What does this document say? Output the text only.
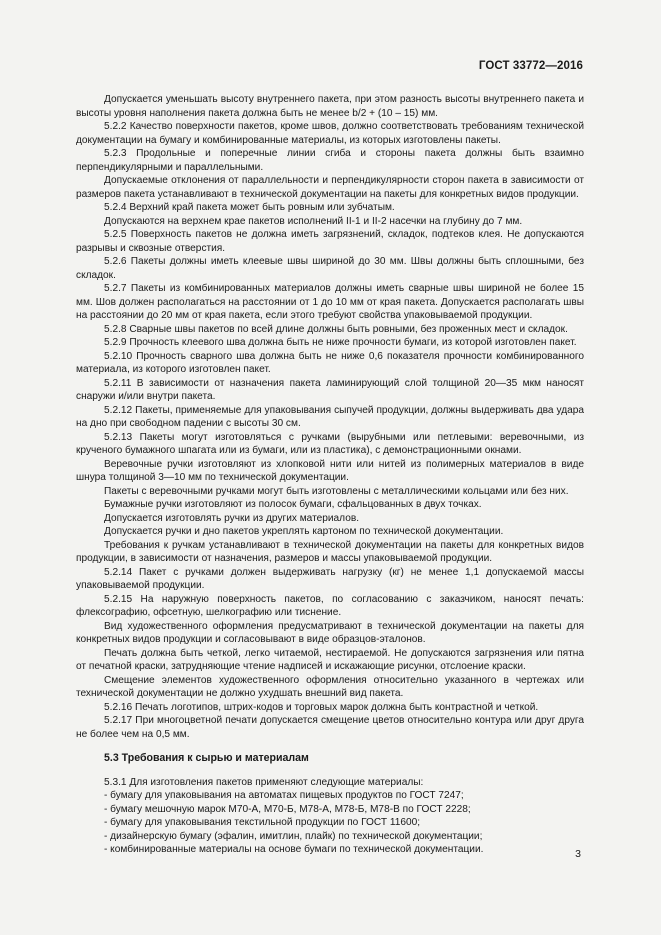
ГОСТ 33772—2016

Допускается уменьшать высоту внутреннего пакета, при этом разность высоты внутреннего пакета и высоты уровня наполнения пакета должна быть не менее b/2 + (10 – 15) мм.

5.2.2 Качество поверхности пакетов, кроме швов, должно соответствовать требованиям технической документации на бумагу и комбинированные материалы, из которых изготовлены пакеты.

5.2.3 Продольные и поперечные линии сгиба и стороны пакета должны быть взаимно перпендикулярными и параллельными.

Допускаемые отклонения от параллельности и перпендикулярности сторон пакета в зависимости от размеров пакета устанавливают в технической документации на пакеты для конкретных видов продукции.

5.2.4 Верхний край пакета может быть ровным или зубчатым.

Допускаются на верхнем крае пакетов исполнений II-1 и II-2 насечки на глубину до 7 мм.

5.2.5 Поверхность пакетов не должна иметь загрязнений, складок, подтеков клея. Не допускаются разрывы и сквозные отверстия.

5.2.6 Пакеты должны иметь клеевые швы шириной до 30 мм. Швы должны быть сплошными, без складок.

5.2.7 Пакеты из комбинированных материалов должны иметь сварные швы шириной не более 15 мм. Шов должен располагаться на расстоянии от 1 до 10 мм от края пакета. Допускается располагать швы на расстоянии до 20 мм от края пакета, если этого требуют свойства упаковываемой продукции.

5.2.8 Сварные швы пакетов по всей длине должны быть ровными, без проженных мест и складок.

5.2.9 Прочность клеевого шва должна быть не ниже прочности бумаги, из которой изготовлен пакет.

5.2.10 Прочность сварного шва должна быть не ниже 0,6 показателя прочности комбинированного материала, из которого изготовлен пакет.

5.2.11 В зависимости от назначения пакета ламинирующий слой толщиной 20—35 мкм наносят снаружи и/или внутри пакета.

5.2.12 Пакеты, применяемые для упаковывания сыпучей продукции, должны выдерживать два удара на дно при свободном падении с высоты 30 см.

5.2.13 Пакеты могут изготовляться с ручками (вырубными или петлевыми: веревочными, из крученого бумажного шпагата или из бумаги, или из пластика), с демонстрационными окнами.

Веревочные ручки изготовляют из хлопковой нити или нитей из полимерных материалов в виде шнура толщиной 3—10 мм по технической документации.

Пакеты с веревочными ручками могут быть изготовлены с металлическими кольцами или без них.

Бумажные ручки изготовляют из полосок бумаги, сфальцованных в двух точках.

Допускается изготовлять ручки из других материалов.

Допускается ручки и дно пакетов укреплять картоном по технической документации.

Требования к ручкам устанавливают в технической документации на пакеты для конкретных видов продукции, в зависимости от назначения, размеров и массы упаковываемой продукции.

5.2.14 Пакет с ручками должен выдерживать нагрузку (кг) не менее 1,1 допускаемой массы упаковываемой продукции.

5.2.15 На наружную поверхность пакетов, по согласованию с заказчиком, наносят печать: флексографию, офсетную, шелкографию или тиснение.

Вид художественного оформления предусматривают в технической документации на пакеты для конкретных видов продукции и согласовывают в виде образцов-эталонов.

Печать должна быть четкой, легко читаемой, нестираемой. Не допускаются загрязнения или пятна от печатной краски, затрудняющие чтение надписей и искажающие рисунки, отслоение краски.

Смещение элементов художественного оформления относительно указанного в чертежах или технической документации не должно ухудшать внешний вид пакета.

5.2.16 Печать логотипов, штрих-кодов и торговых марок должна быть контрастной и четкой.

5.2.17 При многоцветной печати допускается смещение цветов относительно контура или друг друга не более чем на 0,5 мм.

5.3 Требования к сырью и материалам

5.3.1 Для изготовления пакетов применяют следующие материалы:

- бумагу для упаковывания на автоматах пищевых продуктов по ГОСТ 7247;

- бумагу мешочную марок М70-А, М70-Б, М78-А, М78-Б, М78-В по ГОСТ 2228;

- бумагу для упаковывания текстильной продукции по ГОСТ 11600;

- дизайнерскую бумагу (эфалин, имитлин, плайк) по технической документации;

- комбинированные материалы на основе бумаги по технической документации.	3
